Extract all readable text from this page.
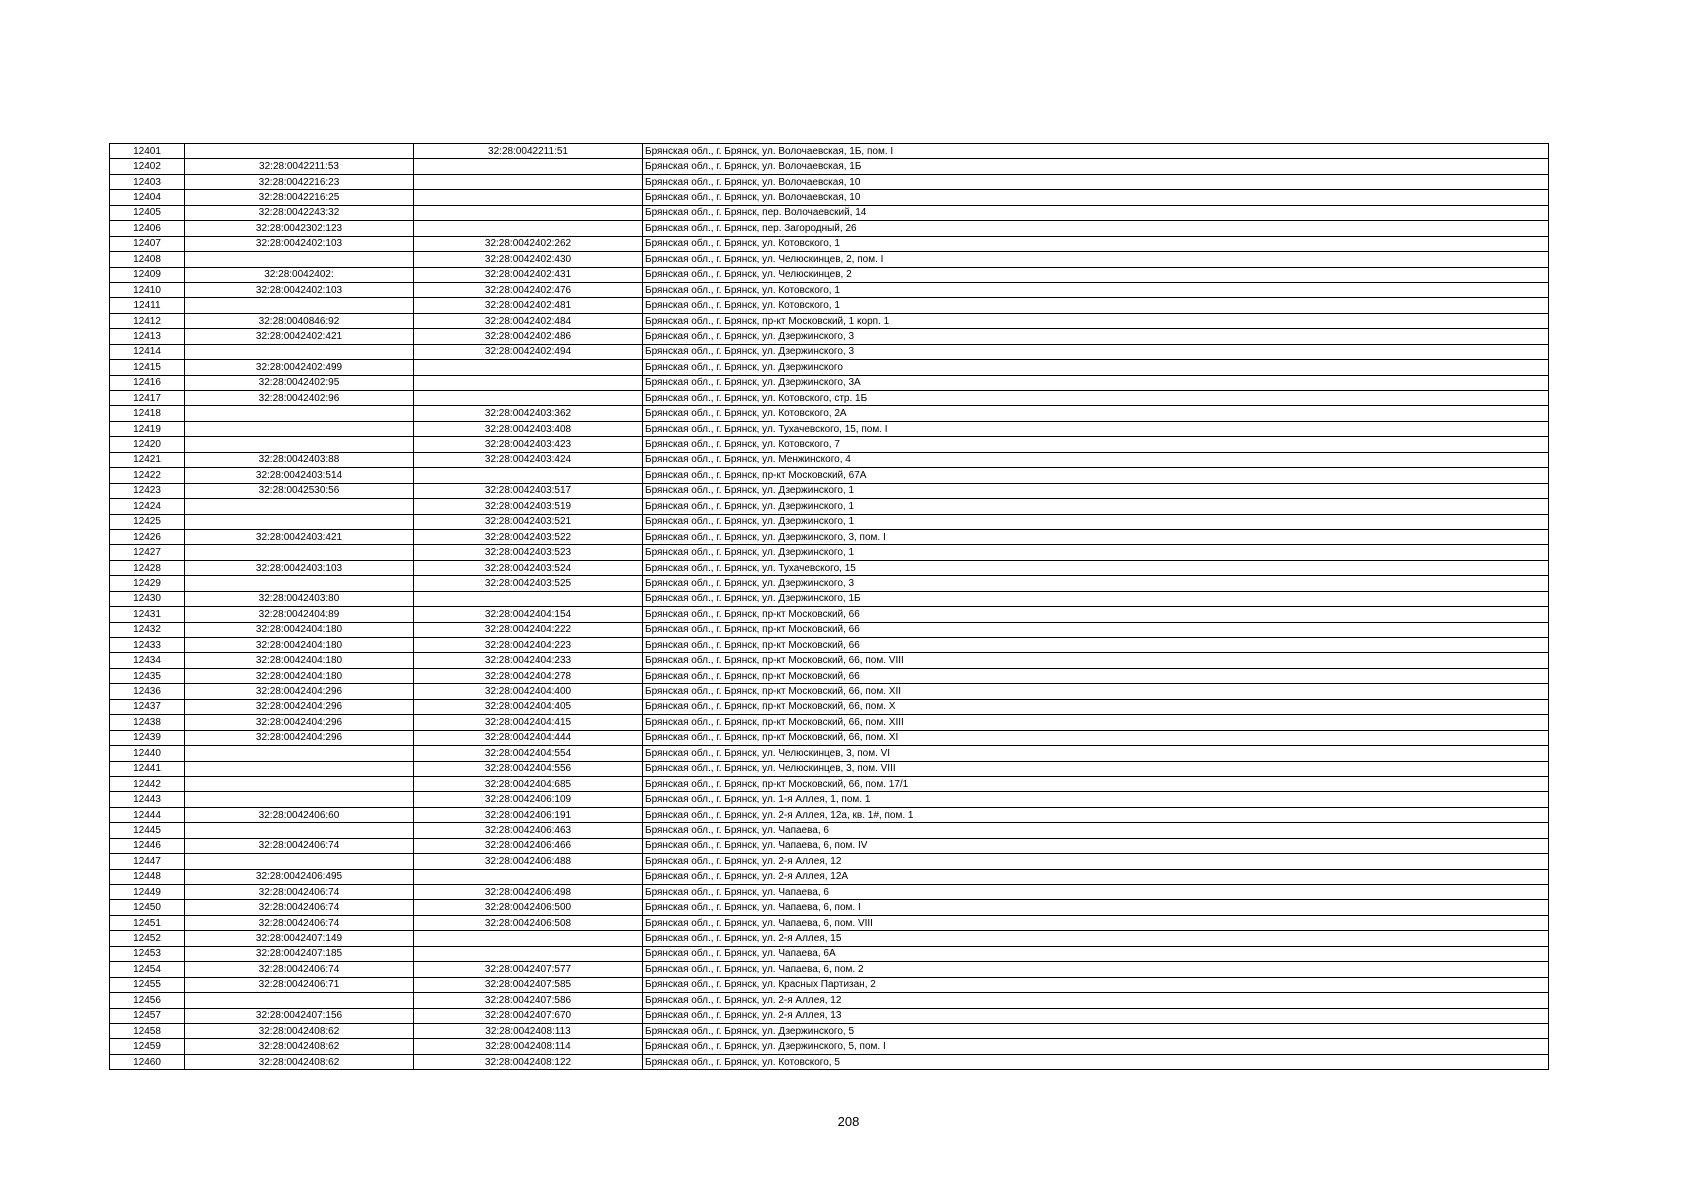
12401		32:28:0042211:51	Брянская обл., г. Брянск, ул. Волочаевская, 1Б, пом. I
12402	32:28:0042211:53		Брянская обл., г. Брянск, ул. Волочаевская, 1Б
12403	32:28:0042216:23		Брянская обл., г. Брянск, ул. Волочаевская, 10
12404	32:28:0042216:25		Брянская обл., г. Брянск, ул. Волочаевская, 10
12405	32:28:0042243:32		Брянская обл., г. Брянск, пер. Волочаевский, 14
12406	32:28:0042302:123		Брянская обл., г. Брянск, пер. Загородный, 26
12407	32:28:0042402:103	32:28:0042402:262	Брянская обл., г. Брянск, ул. Котовского, 1
12408		32:28:0042402:430	Брянская обл., г. Брянск, ул. Челюскинцев, 2, пом. I
12409	32:28:0042402:	32:28:0042402:431	Брянская обл., г. Брянск, ул. Челюскинцев, 2
12410	32:28:0042402:103	32:28:0042402:476	Брянская обл., г. Брянск, ул. Котовского, 1
12411		32:28:0042402:481	Брянская обл., г. Брянск, ул. Котовского, 1
12412	32:28:0040846:92	32:28:0042402:484	Брянская обл., г. Брянск, пр-кт Московский, 1 корп. 1
12413	32:28:0042402:421	32:28:0042402:486	Брянская обл., г. Брянск, ул. Дзержинского, 3
12414		32:28:0042402:494	Брянская обл., г. Брянск, ул. Дзержинского, 3
12415	32:28:0042402:499		Брянская обл., г. Брянск, ул. Дзержинского
12416	32:28:0042402:95		Брянская обл., г. Брянск, ул. Дзержинского, 3А
12417	32:28:0042402:96		Брянская обл., г. Брянск, ул. Котовского, стр. 1Б
12418		32:28:0042403:362	Брянская обл., г. Брянск, ул. Котовского, 2А
12419		32:28:0042403:408	Брянская обл., г. Брянск, ул. Тухачевского, 15, пом. I
12420		32:28:0042403:423	Брянская обл., г. Брянск, ул. Котовского, 7
12421	32:28:0042403:88	32:28:0042403:424	Брянская обл., г. Брянск, ул. Менжинского, 4
12422	32:28:0042403:514		Брянская обл., г. Брянск, пр-кт Московский, 67А
12423	32:28:0042530:56	32:28:0042403:517	Брянская обл., г. Брянск, ул. Дзержинского, 1
12424		32:28:0042403:519	Брянская обл., г. Брянск, ул. Дзержинского, 1
12425		32:28:0042403:521	Брянская обл., г. Брянск, ул. Дзержинского, 1
12426	32:28:0042403:421	32:28:0042403:522	Брянская обл., г. Брянск, ул. Дзержинского, 3, пом. I
12427		32:28:0042403:523	Брянская обл., г. Брянск, ул. Дзержинского, 1
12428	32:28:0042403:103	32:28:0042403:524	Брянская обл., г. Брянск, ул. Тухачевского, 15
12429		32:28:0042403:525	Брянская обл., г. Брянск, ул. Дзержинского, 3
12430	32:28:0042403:80		Брянская обл., г. Брянск, ул. Дзержинского, 1Б
12431	32:28:0042404:89	32:28:0042404:154	Брянская обл., г. Брянск, пр-кт Московский, 66
12432	32:28:0042404:180	32:28:0042404:222	Брянская обл., г. Брянск, пр-кт Московский, 66
12433	32:28:0042404:180	32:28:0042404:223	Брянская обл., г. Брянск, пр-кт Московский, 66
12434	32:28:0042404:180	32:28:0042404:233	Брянская обл., г. Брянск, пр-кт Московский, 66, пом. VIII
12435	32:28:0042404:180	32:28:0042404:278	Брянская обл., г. Брянск, пр-кт Московский, 66
12436	32:28:0042404:296	32:28:0042404:400	Брянская обл., г. Брянск, пр-кт Московский, 66, пом. XII
12437	32:28:0042404:296	32:28:0042404:405	Брянская обл., г. Брянск, пр-кт Московский, 66, пом. X
12438	32:28:0042404:296	32:28:0042404:415	Брянская обл., г. Брянск, пр-кт Московский, 66, пом. XIII
12439	32:28:0042404:296	32:28:0042404:444	Брянская обл., г. Брянск, пр-кт Московский, 66, пом. XI
12440		32:28:0042404:554	Брянская обл., г. Брянск, ул. Челюскинцев, 3, пом. VI
12441		32:28:0042404:556	Брянская обл., г. Брянск, ул. Челюскинцев, 3, пом. VIII
12442		32:28:0042404:685	Брянская обл., г. Брянск, пр-кт Московский, 66, пом. 17/1
12443		32:28:0042406:109	Брянская обл., г. Брянск, ул. 1-я Аллея, 1, пом. 1
12444	32:28:0042406:60	32:28:0042406:191	Брянская обл., г. Брянск, ул. 2-я Аллея, 12а, кв. 1#, пом. 1
12445		32:28:0042406:463	Брянская обл., г. Брянск, ул. Чапаева, 6
12446	32:28:0042406:74	32:28:0042406:466	Брянская обл., г. Брянск, ул. Чапаева, 6, пом. IV
12447		32:28:0042406:488	Брянская обл., г. Брянск, ул. 2-я Аллея, 12
12448	32:28:0042406:495		Брянская обл., г. Брянск, ул. 2-я Аллея, 12А
12449	32:28:0042406:74	32:28:0042406:498	Брянская обл., г. Брянск, ул. Чапаева, 6
12450	32:28:0042406:74	32:28:0042406:500	Брянская обл., г. Брянск, ул. Чапаева, 6, пом. I
12451	32:28:0042406:74	32:28:0042406:508	Брянская обл., г. Брянск, ул. Чапаева, 6, пом. VIII
12452	32:28:0042407:149		Брянская обл., г. Брянск, ул. 2-я Аллея, 15
12453	32:28:0042407:185		Брянская обл., г. Брянск, ул. Чапаева, 6А
12454	32:28:0042406:74	32:28:0042407:577	Брянская обл., г. Брянск, ул. Чапаева, 6, пом. 2
12455	32:28:0042406:71	32:28:0042407:585	Брянская обл., г. Брянск, ул. Красных Партизан, 2
12456		32:28:0042407:586	Брянская обл., г. Брянск, ул. 2-я Аллея, 12
12457	32:28:0042407:156	32:28:0042407:670	Брянская обл., г. Брянск, ул. 2-я Аллея, 13
12458	32:28:0042408:62	32:28:0042408:113	Брянская обл., г. Брянск, ул. Дзержинского, 5
12459	32:28:0042408:62	32:28:0042408:114	Брянская обл., г. Брянск, ул. Дзержинского, 5, пом. I
12460	32:28:0042408:62	32:28:0042408:122	Брянская обл., г. Брянск, ул. Котовского, 5
208
